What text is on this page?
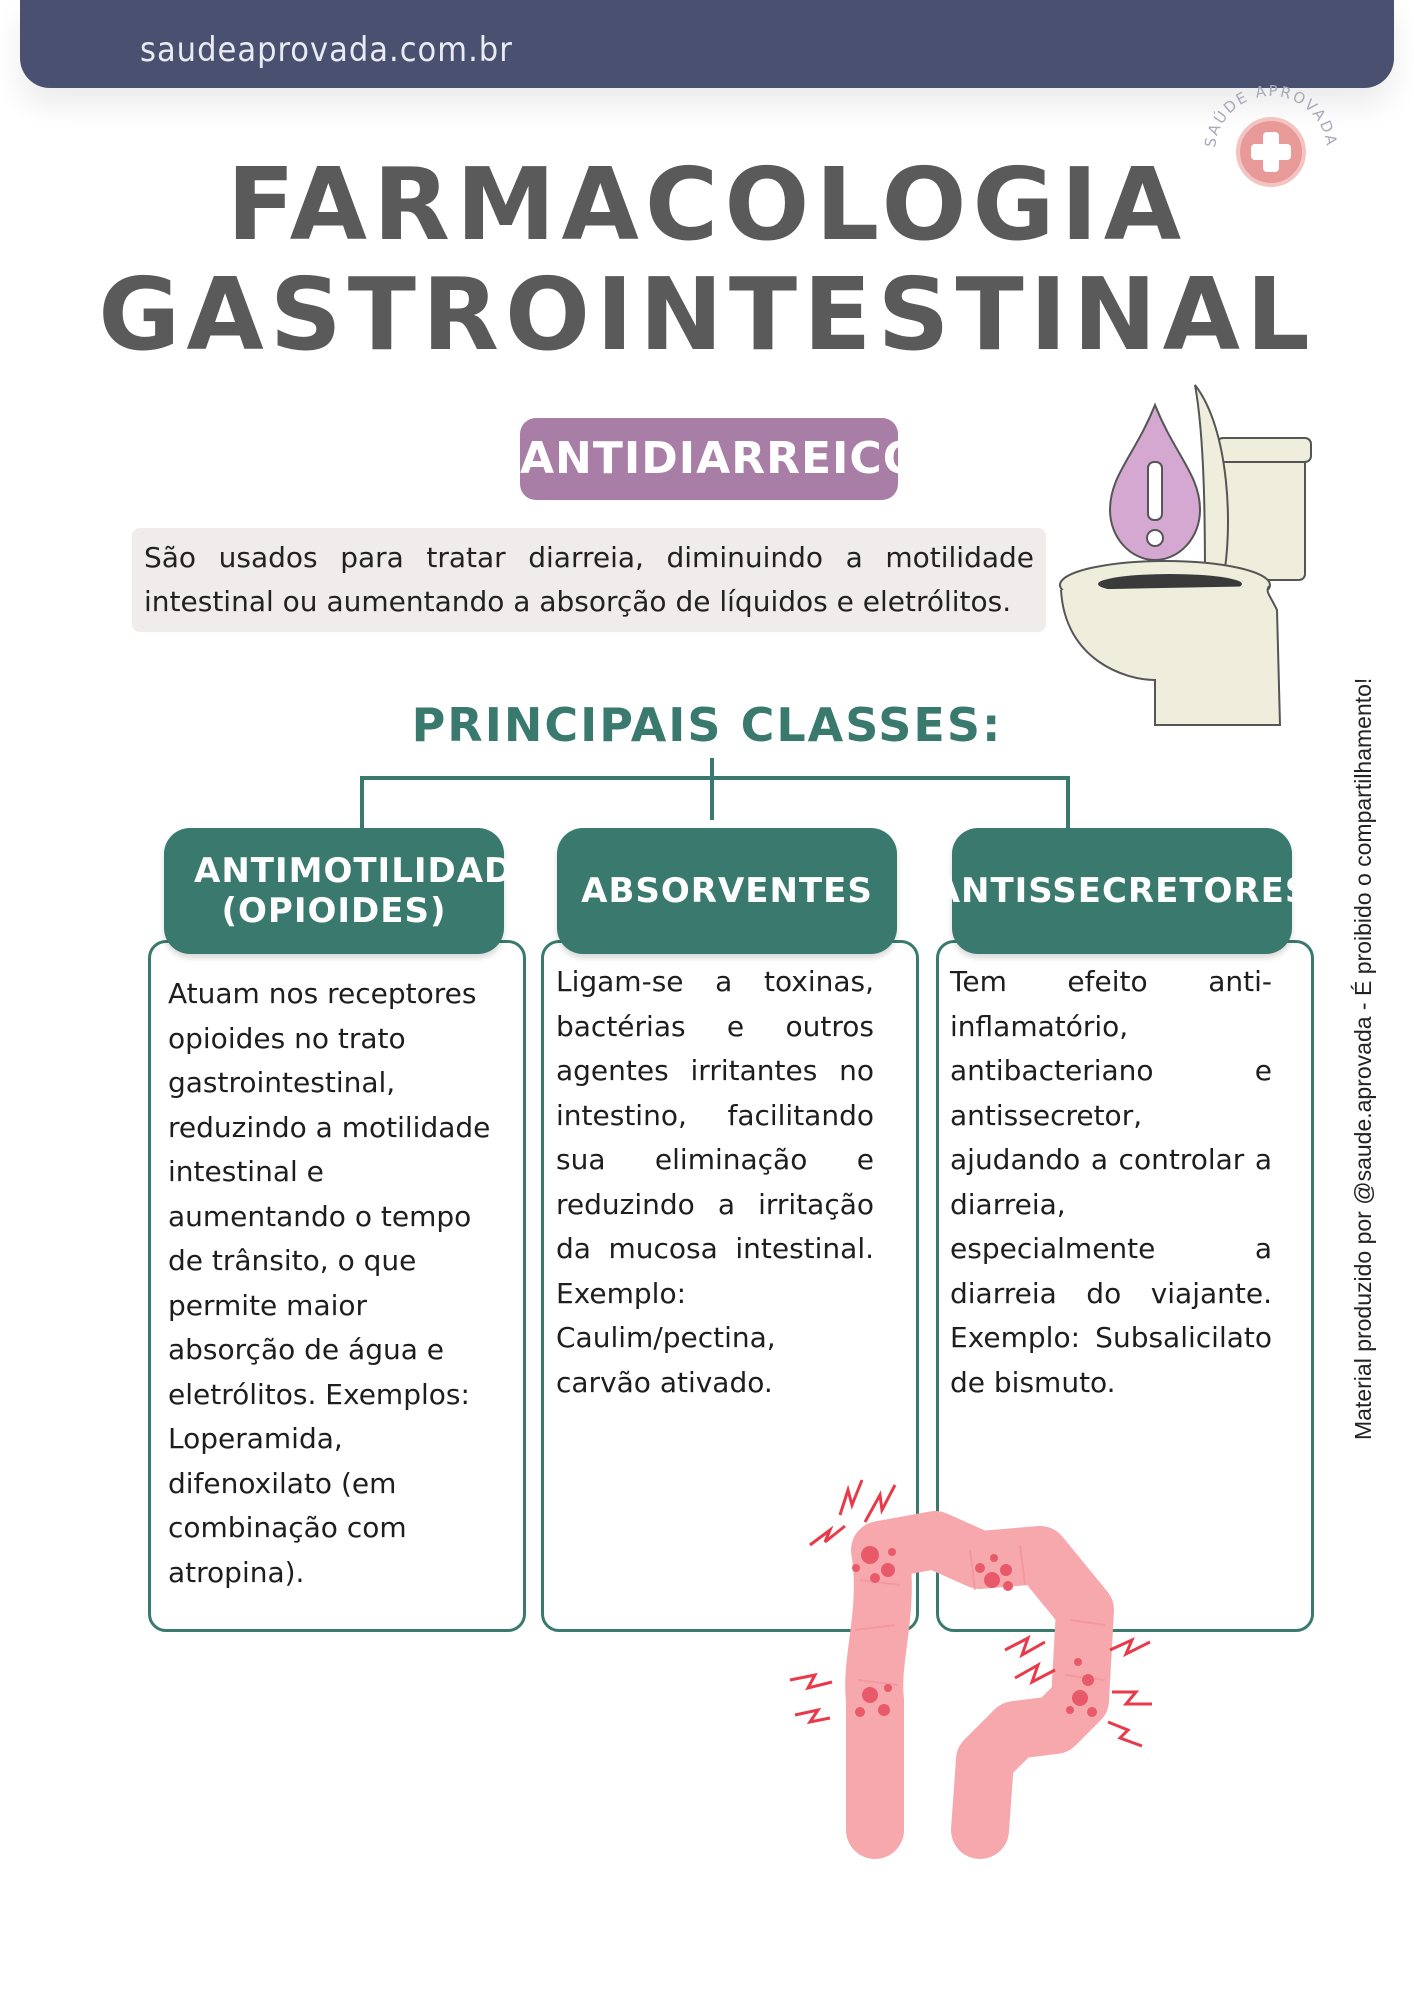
saudeaprovada.com.br
SAÚDE APROVADA
FARMACOLOGIA
GASTROINTESTINAL
ANTIDIARREICOS
São usados para tratar diarreia, diminuindo a motilidade intestinal ou aumentando a absorção de líquidos e eletrólitos.
PRINCIPAIS CLASSES:
ANTIMOTILIDADE (OPIOIDES)	ABSORVENTES	ANTISSECRETORES
Atuam nos receptores opioides no trato gastrointestinal, reduzindo a motilidade intestinal e aumentando o tempo de trânsito, o que permite maior absorção de água e eletrólitos. Exemplos: Loperamida, difenoxilato (em combinação com atropina).
Ligam-se a toxinas, bactérias e outros agentes irritantes no intestino, facilitando sua eliminação e reduzindo a irritação da mucosa intestinal. Exemplo: Caulim/pectina, carvão ativado.
Tem efeito anti-inflamatório, antibacteriano e antissecretor, ajudando a controlar a diarreia, especialmente a diarreia do viajante. Exemplo: Subsalicilato de bismuto.	Material produzido por @saude.aprovada - É proibido o compartilhamento!
